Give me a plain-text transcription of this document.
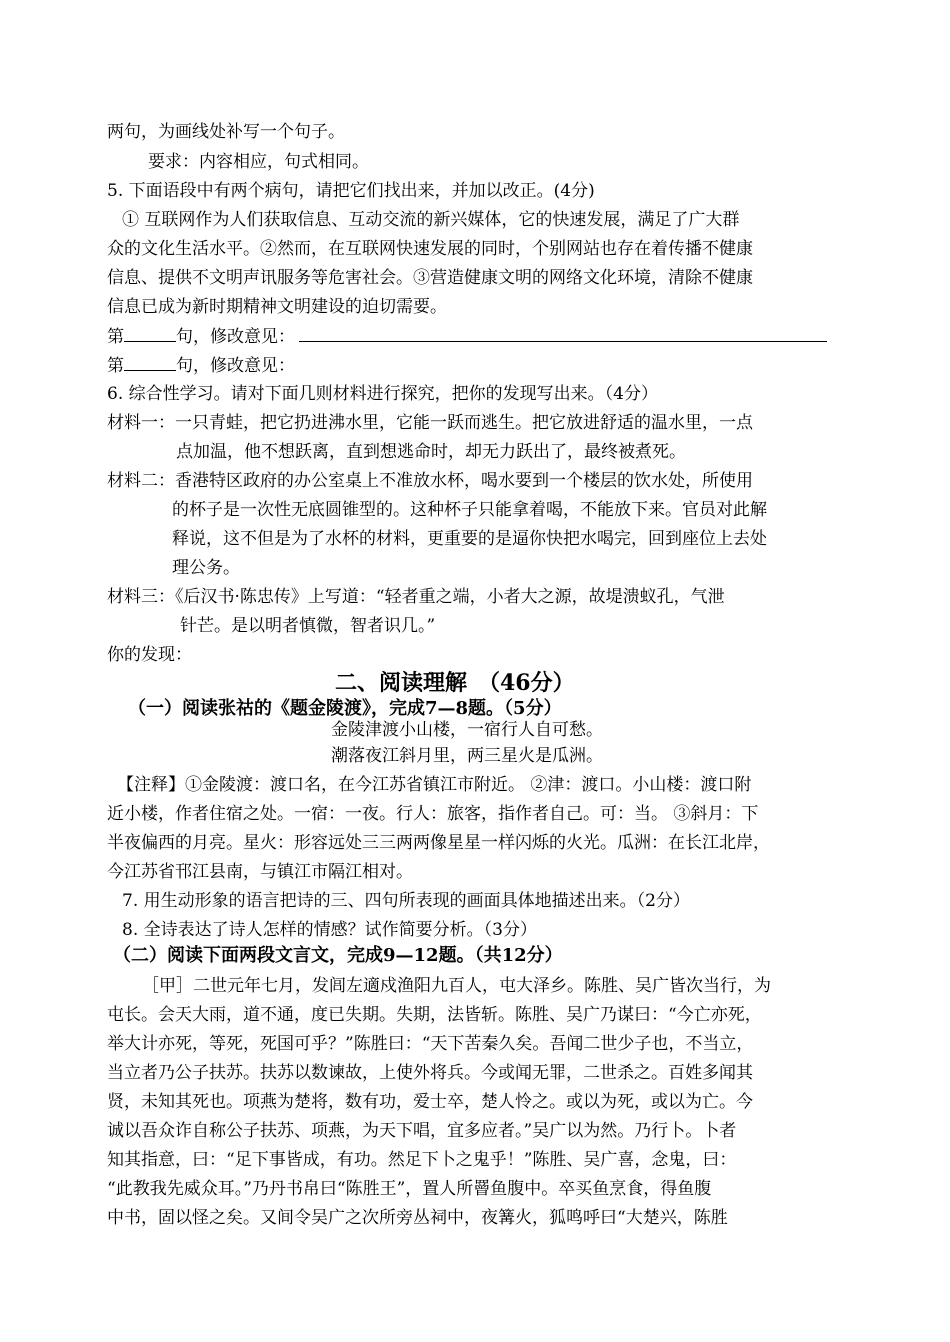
两句，为画线处补写一个句子。
要求：内容相应，句式相同。
5. 下面语段中有两个病句，请把它们找出来，并加以改正。(4分)
① 互联网作为人们获取信息、互动交流的新兴媒体，它的快速发展，满足了广大群
众的文化生活水平。②然而，在互联网快速发展的同时，个别网站也存在着传播不健康
信息、提供不文明声讯服务等危害社会。③营造健康文明的网络文化环境，清除不健康
信息已成为新时期精神文明建设的迫切需要。
第	句，修改意见：
第	句，修改意见：
6. 综合性学习。请对下面几则材料进行探究，把你的发现写出来。（4分）
材料一：一只青蛙，把它扔进沸水里，它能一跃而逃生。把它放进舒适的温水里，一点
点加温，他不想跃离，直到想逃命时，却无力跃出了，最终被煮死。
材料二：香港特区政府的办公室桌上不准放水杯，喝水要到一个楼层的饮水处，所使用
的杯子是一次性无底圆锥型的。这种杯子只能拿着喝，不能放下来。官员对此解
释说，这不但是为了水杯的材料，更重要的是逼你快把水喝完，回到座位上去处
理公务。
材料三：《后汉书·陈忠传》上写道：“轻者重之端，小者大之源，故堤溃蚁孔，气泄
针芒。是以明者慎微，智者识几。”
你的发现：
二、阅读理解　（46分）
（一）阅读张祜的《题金陵渡》，完成7—8题。（5分）
金陵津渡小山楼，一宿行人自可愁。
潮落夜江斜月里，两三星火是瓜洲。
【注释】①金陵渡：渡口名，在今江苏省镇江市附近。 ②津：渡口。小山楼：渡口附
近小楼，作者住宿之处。一宿：一夜。行人：旅客，指作者自己。可：当。 ③斜月：下
半夜偏西的月亮。星火：形容远处三三两两像星星一样闪烁的火光。瓜洲：在长江北岸，
今江苏省邗江县南，与镇江市隔江相对。
7. 用生动形象的语言把诗的三、四句所表现的画面具体地描述出来。（2分）
8. 全诗表达了诗人怎样的情感？试作简要分析。（3分）
（二）阅读下面两段文言文，完成9—12题。（共12分）
［甲］二世元年七月，发闾左適戍渔阳九百人，屯大泽乡。陈胜、吴广皆次当行，为
屯长。会天大雨，道不通，度已失期。失期，法皆斩。陈胜、吴广乃谋曰：“今亡亦死，
举大计亦死，等死，死国可乎？”陈胜曰：“天下苦秦久矣。吾闻二世少子也，不当立，
当立者乃公子扶苏。扶苏以数谏故，上使外将兵。今或闻无罪，二世杀之。百姓多闻其
贤，未知其死也。项燕为楚将，数有功，爱士卒，楚人怜之。或以为死，或以为亡。今
诚以吾众诈自称公子扶苏、项燕，为天下唱，宜多应者。”吴广以为然。乃行卜。卜者
知其指意，曰：“足下事皆成，有功。然足下卜之鬼乎！”陈胜、吴广喜，念鬼，曰：
“此教我先威众耳。”乃丹书帛曰“陈胜王”，置人所罾鱼腹中。卒买鱼烹食，得鱼腹
中书，固以怪之矣。又间令吴广之次所旁丛祠中，夜篝火，狐鸣呼曰“大楚兴，陈胜
